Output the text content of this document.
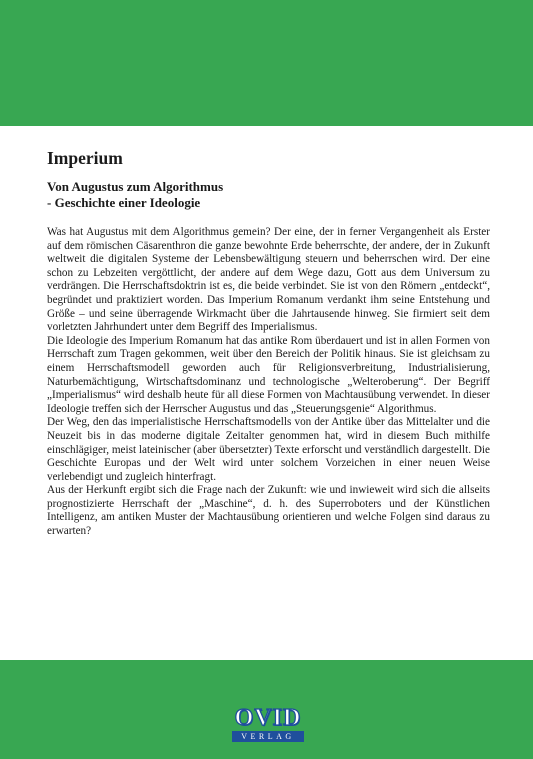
Imperium
Von Augustus zum Algorithmus
- Geschichte einer Ideologie

Was hat Augustus mit dem Algorithmus gemein? Der eine, der in ferner Vergangenheit als Erster auf dem römischen Cäsarenthron die ganze bewohnte Erde beherrschte, der andere, der in Zukunft weltweit die digitalen Systeme der Lebensbewältigung steuern und beherrschen wird. Der eine schon zu Lebzeiten vergöttlicht, der andere auf dem Wege dazu, Gott aus dem Universum zu verdrängen. Die Herrschaftsdoktrin ist es, die beide verbindet. Sie ist von den Römern „entdeckt“, begründet und praktiziert worden. Das Imperium Romanum verdankt ihm seine Entstehung und Größe – und seine überragende Wirkmacht über die Jahrtausende hinweg. Sie firmiert seit dem vorletzten Jahrhundert unter dem Begriff des Imperialismus.

Die Ideologie des Imperium Romanum hat das antike Rom überdauert und ist in allen Formen von Herrschaft zum Tragen gekommen, weit über den Bereich der Politik hinaus. Sie ist gleichsam zu einem Herrschaftsmodell geworden auch für Religionsverbreitung, Industrialisierung, Naturbemächtigung, Wirtschaftsdominanz und technologische „Welteroberung“. Der Begriff „Imperialismus“ wird deshalb heute für all diese Formen von Machtausübung verwendet. In dieser Ideologie treffen sich der Herrscher Augustus und das „Steuerungsgenie“ Algorithmus.

Der Weg, den das imperialistische Herrschaftsmodells von der Antike über das Mittelalter und die Neuzeit bis in das moderne digitale Zeitalter genommen hat, wird in diesem Buch mithilfe einschlägiger, meist lateinischer (aber übersetzter) Texte erforscht und verständlich dargestellt. Die Geschichte Europas und der Welt wird unter solchem Vorzeichen in einer neuen Weise verlebendigt und zugleich hinterfragt.

Aus der Herkunft ergibt sich die Frage nach der Zukunft: wie und inwieweit wird sich die allseits prognostizierte Herrschaft der „Maschine“, d. h. des Superroboters und der Künstlichen Intelligenz, am antiken Muster der Machtausübung orientieren und welche Folgen sind daraus zu erwarten?

OVID
VERLAG
